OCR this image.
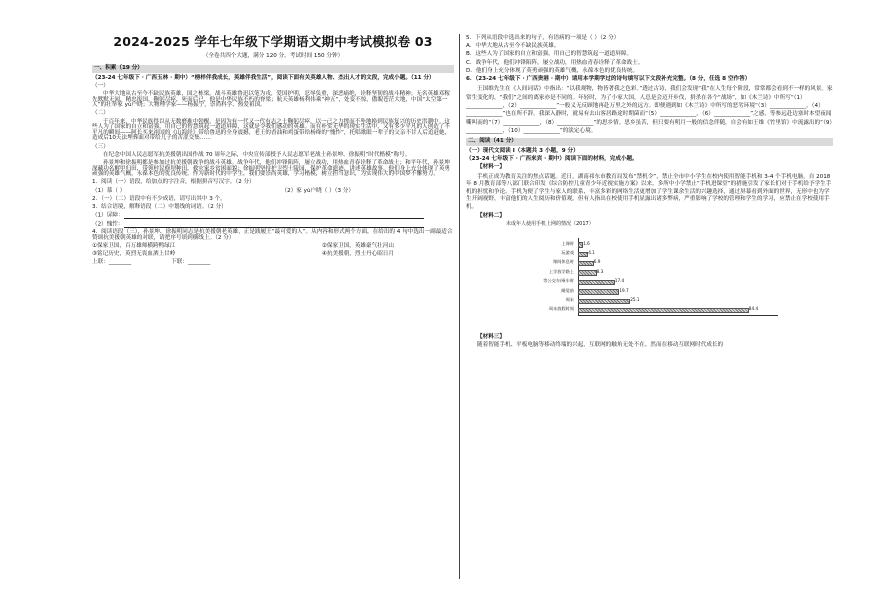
2024-2025 学年七年级下学期语文期中考试模拟卷 03
（全卷共四个大题，满分 120 分，考试时间 150 分钟）
一、积累（19 分）

（23-24 七年级下 · 广西玉林 · 期中）“榜样伴我成长，英雄伴我生活”，阅读下面有关英雄人物、杰出人才的文段，完成小题。（11 分）

（一）

中华大地从古至今不缺民族英雄，国之栋梁。战斗英雄鲁迅以笔为戎，爱国护明，忍辱负重，深恶痛绝，诠释坚韧的战斗精神；无名英雄邓稼先默默无闻，精忠报国，鞠躬尽瘁，死而后已，他是中华民族不朽的脊梁；航天英雄杨利伟乘“神五”，处变不惊，傲睨苍茫大地，中国“太空第一人”的壮举家 yù户晓；大物理学家——杨振宁，崇尚科学、热爱祖国。

（二）

千百年来，中华民族得以从无数磨难中勃醒，是因为有一代又一代有志之士鞠躬尽瘁，以一己之力撑而不坠地换到民族复兴的历史洪潮中。这些人为了国家的自立和富强，用自己的智慧筑起一道道屏障，这就是令我们感动的英雄。而在朴实无华的现实生活中，又有多少平凡的人创造了不平凡的瞬间——阿长买来祖国的《山海经》带给鲁迅的全身震撼，老王的香油和鸡蛋带给杨绛的“愧怍”，托唱歌眼一辈子的父亲不甘人后追赶她，造成后10天法埋葬面对带给儿子的苦涩交集……

（三）

在纪念中国人民志愿军抗美援朝出国作战 70 周年之际，中央宣传部授予人民志愿军老战士孙景坤、徐振明“时代楷模”称号。

孙景坤和徐振明都是参加过抗美援朝战争的战斗英雄。战争年代，他们冲锋陷阵，屡立战功，用热血青春诠释了革命战士；和平年代，孙景坤深藏功名解甲归田，带领村民修坝种田，救灾家乡贫困面貌；徐振明坚持护卫烈士陵园，保护革命遗迹，讲述英雄故事。他们身上充分体现了英勇顽强的英雄气概，永葆本色的优良传统。作为新时代的中学生，我们要崇尚英雄，学习楷模，树立担当意识，为实现伟大的中国梦不懈努力。

1．阅读（一）语段，给加点的字注音，根据拼音写汉字。（2 分）

（1）慕（ ）	（2）家 yù户晓（ ）（3 分）

2．（一）（二）语段中有不少成语，请写出其中 3 个。

3．结合语境，解释语段（二）中划线的词语。（2 分）

（1）屏障：

（2）愧怍：

4．阅读语段（三），孙景坤、徐振明同志是抗美援朝老英雄，正是践履王“最可爱的人”。从内容和形式两个方面，在给出的 4 句中选出一副最适合赞颂抗美援朝英雄的对联，请把序号填到横线上。（2 分）

①保家卫国，百万雄师横跨鸭绿江	②保家卫国，英雄豪气壮河山
③铭记历史，英烈无畏血洒上甘岭	④抗美援朝，烈士丹心昭日月
上联：________	下联：________

5．下列从语段中选出来的句子，有语病的一项是（ ）（2 分）

A．中华大地从古至今不缺民族英雄。

B．这些人为了国家的自立和富强，用自己的智慧筑起一道道屏障。

C．战争年代，他们冲锋陷阵，屡立战功，用热血青春诠释了革命战士。

D．他们身上充分体现了英勇顽强的英雄气概，永葆本色的优良传统。

6．（23-24 七年级下 · 广西贵港 · 期中）请用本学期学过的诗句填写以下文段补充完整。（8 分，任选 8 空作答）

王国维先生在《人间词话》中指出：“以我观物，物皆著我之色彩。”透过古诗，我们会发现“我”在人生每个阶段，常常都会看到不一样的风景。家常生变化的，“我们”之间的离家亦是不同的。年轻时，为了小家大国，人总是会迈开步伐，拼杀在各个“战场”，如《木兰诗》中所写“（1）_____________，（2）_____________”一般义无反顾地再赴万里之外的远方。即便遇到如《木兰诗》中所写的恶劣环境“（3）_____________，（4）_____________”也在所不辞。我深入静时，就易有去山客居路途时期菌而“（5）_____________，（6）_____________”之感，等参远赴边塞时本望夜闻嘶叫而的“（7）_____________，（8）_____________”的思乡情。思乡虽苦，但只要有明月一般的信念伴随，自会有如王维《竹里馆》中流露出的“（9）_____________，（10）_____________”的淡定心境。

二、阅读（41 分）

（一）现代文阅读 I（本题共 3 小题，9 分）

（23-24 七年级下 · 广西来宾 · 期中）阅读下面的材料，完成小题。

【材料一】

手机正成为教育关注的焦点话题。近日，湖南祁东市教育局发布“禁机令”，禁止全市中小学生在校内使用智能手机和 3-4 个手机电脑。自 2018 年 8 月教育部等八部门联合印发《综合防控儿童青少年近视实施方案》以来，多所中小学禁止“手机进课堂”的措施引发了家长们对于手机给予学生手机的担忧和争论。手机为便了学生与家人的联系，丰富多彩的网络生活更增加了学生课余生活的兴趣选择，通过屏幕看到外面的世界，无形中也为学生开阔视野，丰富他们的人生阅历和价值观。但有人指出在校使用手机显露出诸多弊病，严重影响了学校的管理和学生的学习，应禁止在学校使用手机。

【材料二】

未成年人使用手机上网的情况（2017）
上课时 1.6
玩游戏	4.1
课间休息时	6.9
上学放学路上	8.3
等公交车/乘车时	17.4
睡觉前	19.7
周末	25.1
周末放假时间	84.4

【材料三】

随着智能手机、平板电脑等移动终端的兴起，互联网的触角无处不在。然而在移动互联网时代成长的
